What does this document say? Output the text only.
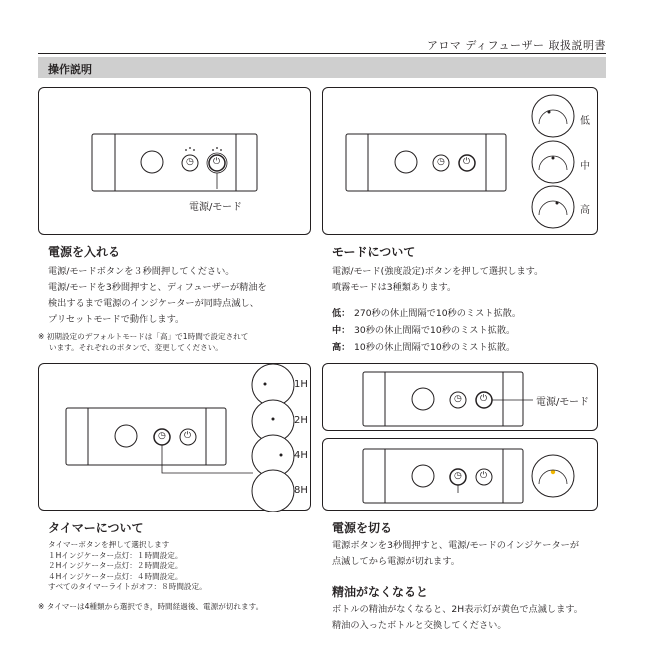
アロマ ディフューザー 取扱説明書
操作説明
◷ ⏻
電源/モード
◷ ⏻
低
中
高
電源を入れる
電源/モードボタンを３秒間押してください。
電源/モードを3秒間押すと、ディフューザーが精油を
検出するまで電源のインジケーターが同時点滅し、
プリセットモードで動作します。
※ 初期設定のデフォルトモードは「高」で1時間で設定されて
います。それぞれのボタンで、変更してください。
モードについて
電源/モード(強度設定)ボタンを押して選択します。
噴霧モードは3種類あります。
低： 270秒の休止間隔で10秒のミスト拡散。
中： 30秒の休止間隔で10秒のミスト拡散。
高： 10秒の休止間隔で10秒のミスト拡散。
◷ ⏻
1H
2H
4H
8H
◷ ⏻	電源/モード
◷ ⏻
タイマーについて
タイマーボタンを押して選択します
１Hインジケーター点灯：１時間設定。
２Hインジケーター点灯：２時間設定。
４Hインジケーター点灯：４時間設定。
すべてのタイマーライトがオフ：８時間設定。
※ タイマーは4種類から選択でき，時間経過後、電源が切れます。
電源を切る
電源ボタンを3秒間押すと、電源/モードのインジケーターが
点滅してから電源が切れます。
精油がなくなると
ボトルの精油がなくなると、2H表示灯が黄色で点滅します。
精油の入ったボトルと交換してください。
